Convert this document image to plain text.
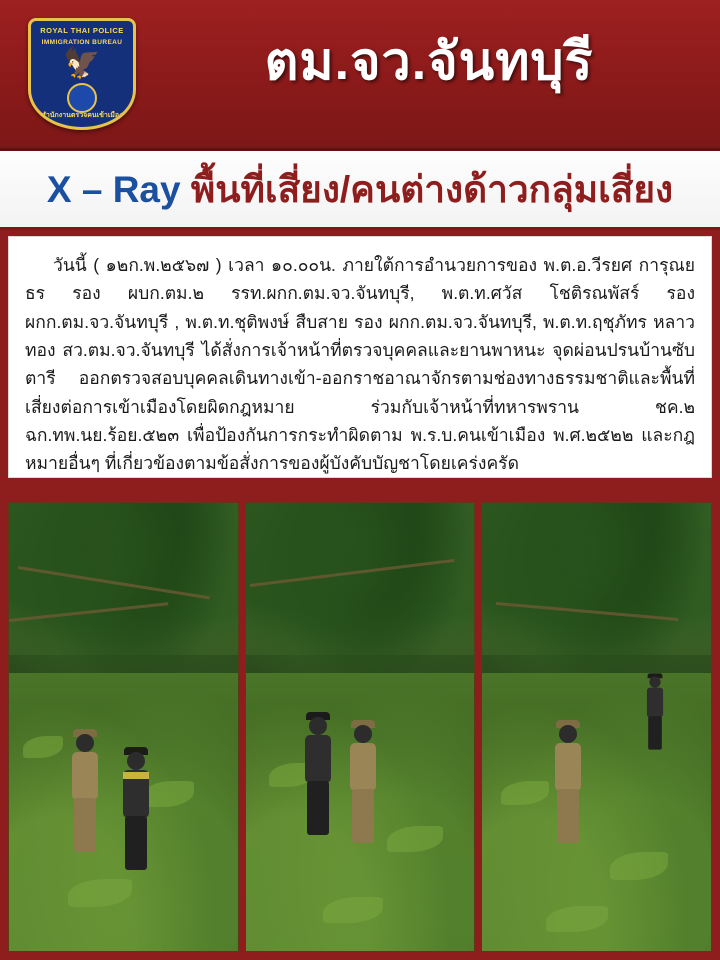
ROYAL THAI POLICE
IMMIGRATION BUREAU
🦅
สำนักงานตรวจคนเข้าเมือง
ตม.จว.จันทบุรี
X – Ray พื้นที่เสี่ยง/คนต่างด้าวกลุ่มเสี่ยง
วันนี้ ( ๑๒ก.พ.๒๕๖๗ ) เวลา ๑๐.๐๐น. ภายใต้การอำนวยการของ พ.ต.อ.วีรยศ การุณยธร รอง ผบก.ตม.๒ รรท.ผกก.ตม.จว.จันทบุรี, พ.ต.ท.ศวัส โชติรณพัสร์ รอง ผกก.ตม.จว.จันทบุรี , พ.ต.ท.ชุติพงษ์ สืบสาย รอง ผกก.ตม.จว.จันทบุรี, พ.ต.ท.ฤชุภัทร หลาวทอง สว.ตม.จว.จันทบุรี ได้สั่งการเจ้าหน้าที่ตรวจบุคคลและยานพาหนะ จุดผ่อนปรนบ้านซับตารี ออกตรวจสอบบุคคลเดินทางเข้า-ออกราชอาณาจักรตามช่องทางธรรมชาติและพื้นที่เสี่ยงต่อการเข้าเมืองโดยผิดกฎหมาย ร่วมกับเจ้าหน้าที่ทหารพราน ชค.๒ ฉก.ทพ.นย.ร้อย.๕๒๓ เพื่อป้องกันการกระทำผิดตาม พ.ร.บ.คนเข้าเมือง พ.ศ.๒๕๒๒ และกฎหมายอื่นๆ ที่เกี่ยวข้องตามข้อสั่งการของผู้บังคับบัญชาโดยเคร่งครัด
